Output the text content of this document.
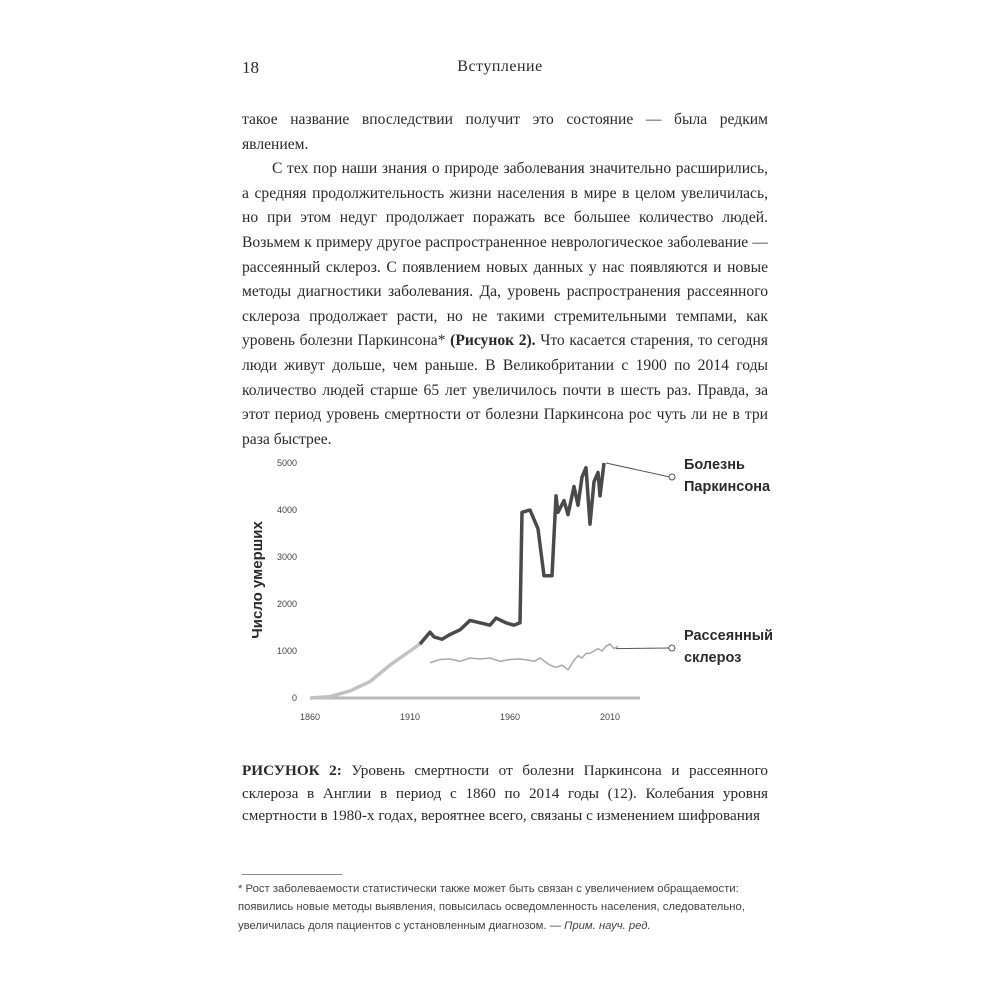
18	Вступление

такое название впоследствии получит это состояние — была редким явлением.

С тех пор наши знания о природе заболевания значительно расширились, а средняя продолжительность жизни населения в мире в целом увеличилась, но при этом недуг продолжает поражать все большее количество людей. Возьмем к примеру другое распространенное неврологическое заболевание — рассеянный склероз. С появлением новых данных у нас появляются и новые методы диагностики заболевания. Да, уровень распространения рассеянного склероза продолжает расти, но не такими стремительными темпами, как уровень болезни Паркинсона* (Рисунок 2). Что касается старения, то сегодня люди живут дольше, чем раньше. В Великобритании с 1900 по 2014 годы количество людей старше 65 лет увеличилось почти в шесть раз. Правда, за этот период уровень смертности от болезни Паркинсона рос чуть ли не в три раза быстрее.

0
1000
2000
3000
4000
5000
1860	1910	1960	2010
Число умерших
Болезнь
Паркинсона
Рассеянный
склероз
РИСУНОК 2: Уровень смертности от болезни Паркинсона и рассеянного склероза в Англии в период с 1860 по 2014 годы (12). Колебания уровня смертности в 1980-х годах, вероятнее всего, связаны с изменением шифрования
* Рост заболеваемости статистически также может быть связан с увеличением обращаемости: появились новые методы выявления, повысилась осведомленность населения, следовательно, увеличилась доля пациентов с установленным диагнозом. — Прим. науч. ред.
